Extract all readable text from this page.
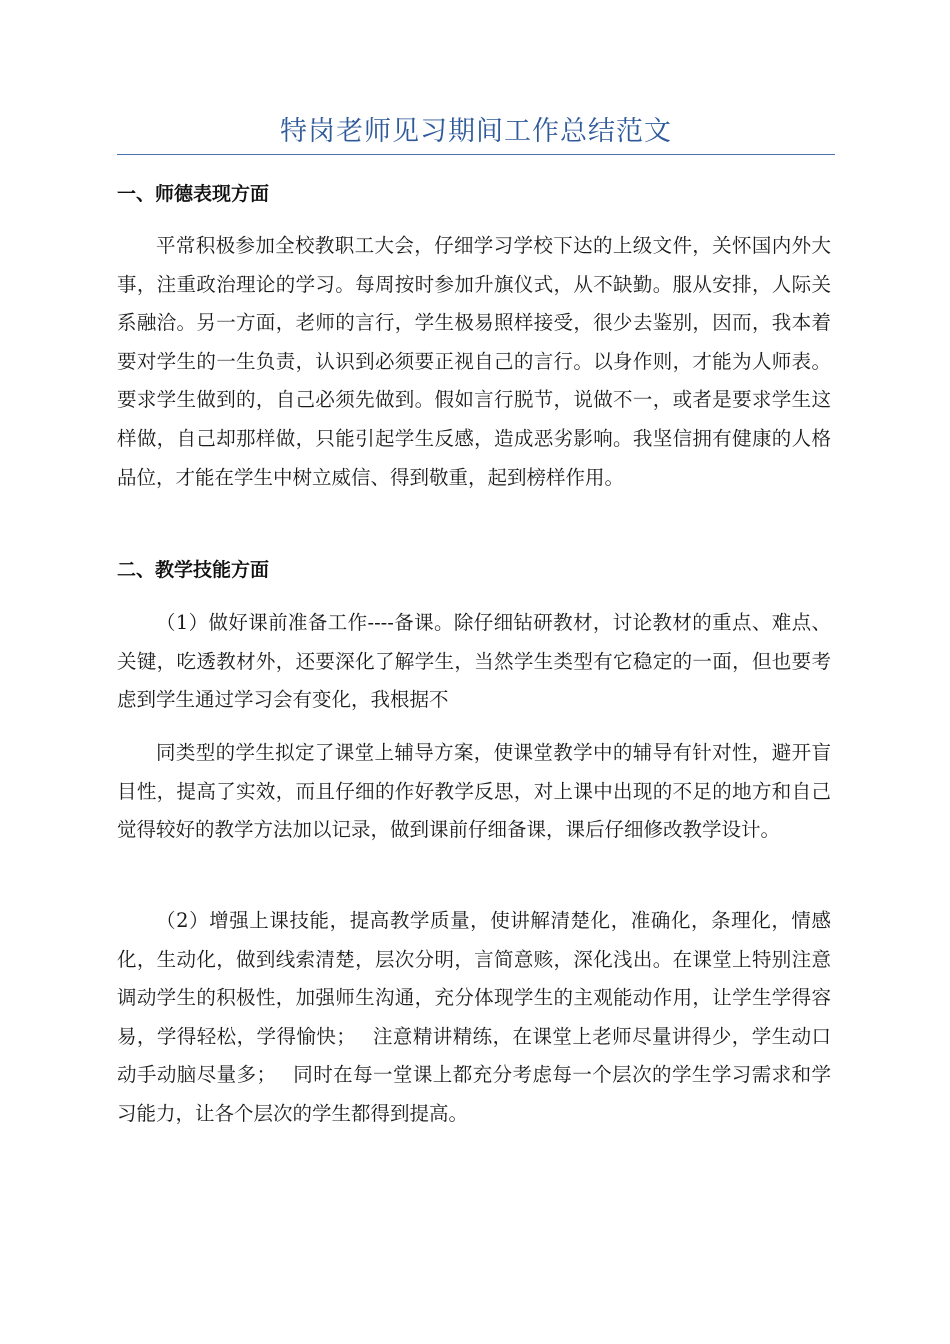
特岗老师见习期间工作总结范文
一、师德表现方面

平常积极参加全校教职工大会，仔细学习学校下达的上级文件，关怀国内外大事，注重政治理论的学习。每周按时参加升旗仪式，从不缺勤。服从安排，人际关系融洽。另一方面，老师的言行，学生极易照样接受，很少去鉴别，因而，我本着要对学生的一生负责，认识到必须要正视自己的言行。以身作则，才能为人师表。要求学生做到的，自己必须先做到。假如言行脱节，说做不一，或者是要求学生这样做，自己却那样做，只能引起学生反感，造成恶劣影响。我坚信拥有健康的人格品位，才能在学生中树立威信、得到敬重，起到榜样作用。

二、教学技能方面

（1）做好课前准备工作----备课。除仔细钻研教材，讨论教材的重点、难点、关键，吃透教材外，还要深化了解学生，当然学生类型有它稳定的一面，但也要考虑到学生通过学习会有变化，我根据不

同类型的学生拟定了课堂上辅导方案，使课堂教学中的辅导有针对性，避开盲目性，提高了实效，而且仔细的作好教学反思，对上课中出现的不足的地方和自己觉得较好的教学方法加以记录，做到课前仔细备课，课后仔细修改教学设计。

（2）增强上课技能，提高教学质量，使讲解清楚化，准确化，条理化，情感化，生动化，做到线索清楚，层次分明，言简意赅，深化浅出。在课堂上特别注意调动学生的积极性，加强师生沟通，充分体现学生的主观能动作用，让学生学得容易，学得轻松，学得愉快；　 注意精讲精练，在课堂上老师尽量讲得少，学生动口动手动脑尽量多；　 同时在每一堂课上都充分考虑每一个层次的学生学习需求和学习能力，让各个层次的学生都得到提高。
